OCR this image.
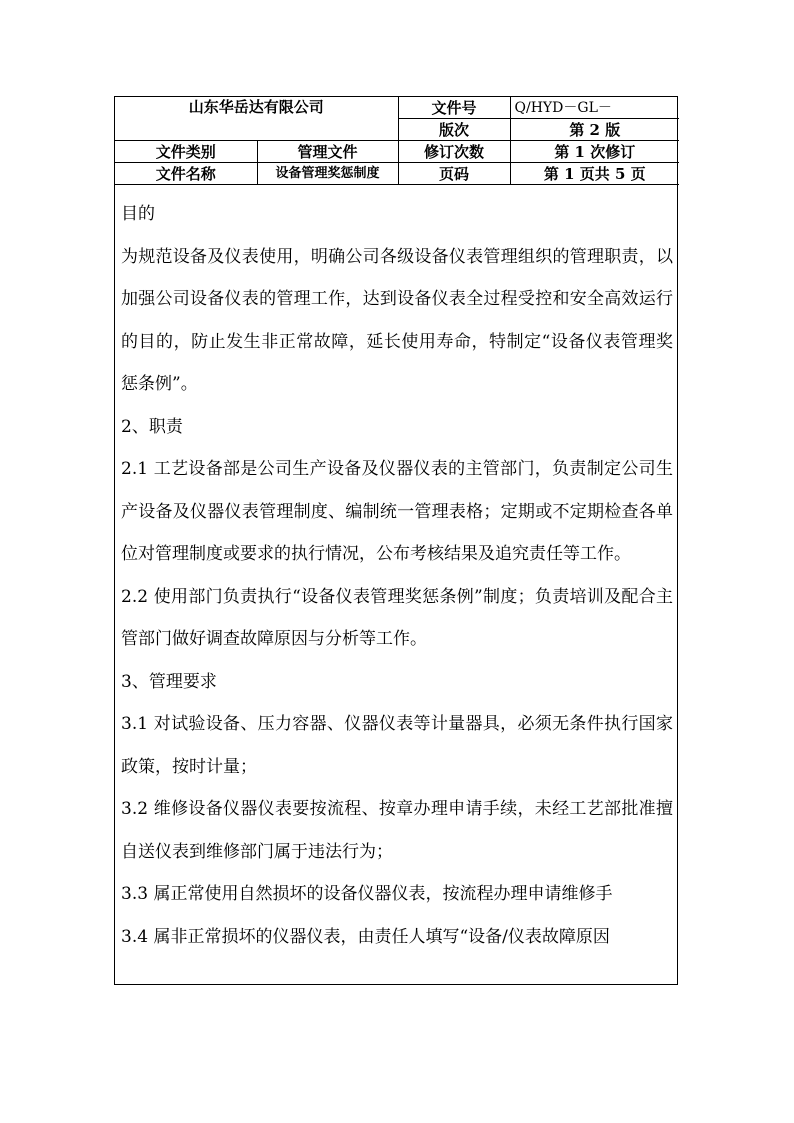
山东华岳达有限公司		文件号	Q/HYD－GL－
		版次	第 2 版
文件类别	管理文件	修订次数	第 1 次修订
文件名称	设备管理奖惩制度	页码	第 1 页共 5 页

目的

为规范设备及仪表使用，明确公司各级设备仪表管理组织的管理职责，以加强公司设备仪表的管理工作，达到设备仪表全过程受控和安全高效运行的目的，防止发生非正常故障，延长使用寿命，特制定“设备仪表管理奖惩条例”。

2、职责

2.1 工艺设备部是公司生产设备及仪器仪表的主管部门，负责制定公司生产设备及仪器仪表管理制度、编制统一管理表格；定期或不定期检查各单位对管理制度或要求的执行情况，公布考核结果及追究责任等工作。

2.2 使用部门负责执行“设备仪表管理奖惩条例”制度；负责培训及配合主管部门做好调查故障原因与分析等工作。

3、管理要求

3.1 对试验设备、压力容器、仪器仪表等计量器具，必须无条件执行国家政策，按时计量；

3.2 维修设备仪器仪表要按流程、按章办理申请手续，未经工艺部批准擅自送仪表到维修部门属于违法行为；

3.3 属正常使用自然损坏的设备仪器仪表，按流程办理申请维修手

3.4 属非正常损坏的仪器仪表，由责任人填写“设备/仪表故障原因
